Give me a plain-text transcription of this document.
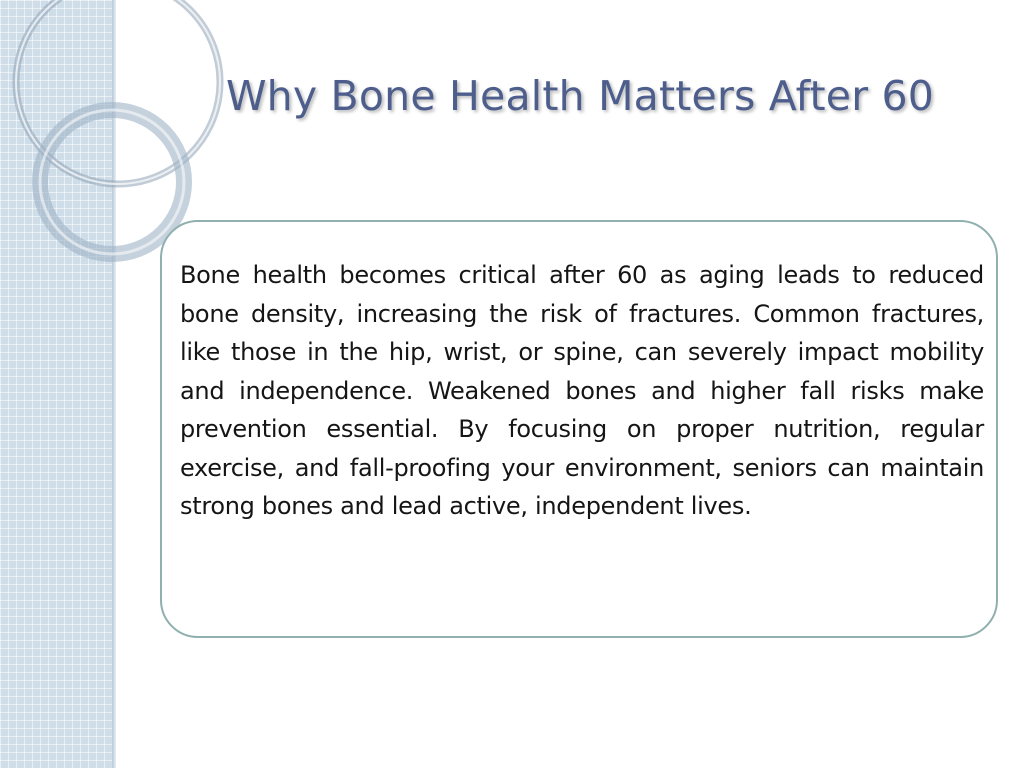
Why Bone Health Matters After 60

Bone health becomes critical after 60 as aging leads to reduced bone density, increasing the risk of fractures. Common fractures, like those in the hip, wrist, or spine, can severely impact mobility and independence. Weakened bones and higher fall risks make prevention essential. By focusing on proper nutrition, regular exercise, and fall-proofing your environment, seniors can maintain strong bones and lead active, independent lives.
